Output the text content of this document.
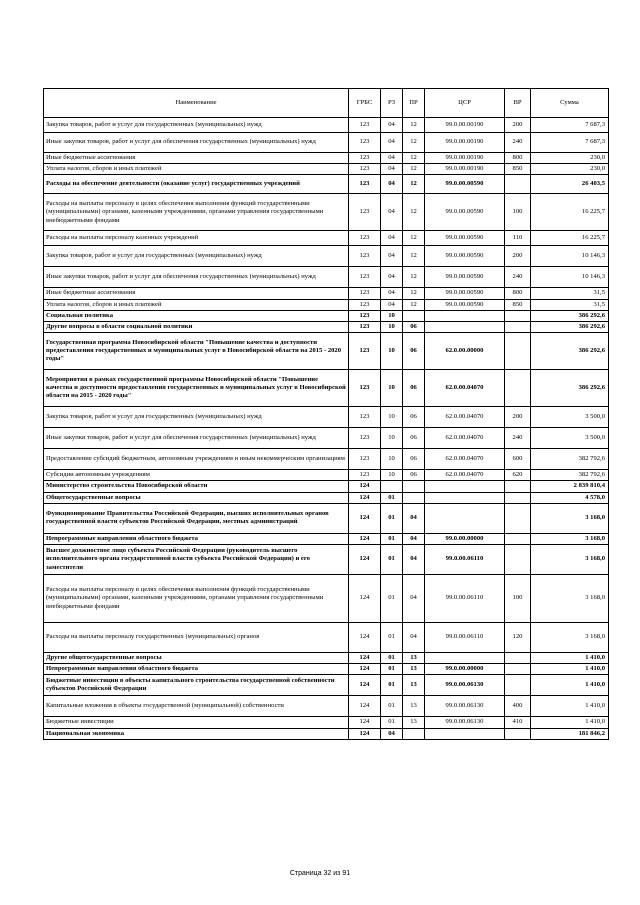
Наименование	ГРБС	РЗ	ПР	ЦСР	ВР	Сумма
Закупка товаров, работ и услуг для государственных (муниципальных) нужд	123	04	12	99.0.00.00190	200	7 687,3
Иные закупки товаров, работ и услуг для обеспечения государственных (муниципальных) нужд	123	04	12	99.0.00.00190	240	7 687,3
Иные бюджетные ассигнования	123	04	12	99.0.00.00190	800	230,0
Уплата налогов, сборов и иных платежей	123	04	12	99.0.00.00190	850	230,0
Расходы на обеспечение деятельности (оказание услуг) государственных учреждений	123	04	12	99.0.00.00590		26 403,5
Расходы на выплаты персоналу в целях обеспечения выполнения функций государственными (муниципальными) органами, казенными учреждениями, органами управления государственными внебюджетными фондами	123	04	12	99.0.00.00590	100	16 225,7
Расходы на выплаты персоналу казенных учреждений	123	04	12	99.0.00.00590	110	16 225,7
Закупка товаров, работ и услуг для государственных (муниципальных) нужд	123	04	12	99.0.00.00590	200	10 146,3
Иные закупки товаров, работ и услуг для обеспечения государственных (муниципальных) нужд	123	04	12	99.0.00.00590	240	10 146,3
Иные бюджетные ассигнования	123	04	12	99.0.00.00590	800	31,5
Уплата налогов, сборов и иных платежей	123	04	12	99.0.00.00590	850	31,5
Социальная политика	123	10				386 292,6
Другие вопросы в области социальной политики	123	10	06			386 292,6
Государственная программа Новосибирской области "Повышение качества и доступности предоставления государственных и муниципальных услуг в Новосибирской области на 2015 - 2020 годы"	123	10	06	62.0.00.00000		386 292,6
Мероприятия в рамках государственной программы Новосибирской области "Повышение качества и доступности предоставления государственных и муниципальных услуг в Новосибирской области на 2015 - 2020 годы"	123	10	06	62.0.00.04070		386 292,6
Закупка товаров, работ и услуг для государственных (муниципальных) нужд	123	10	06	62.0.00.04070	200	3 500,0
Иные закупки товаров, работ и услуг для обеспечения государственных (муниципальных) нужд	123	10	06	62.0.00.04070	240	3 500,0
Предоставление субсидий бюджетным, автономным учреждениям и иным некоммерческим организациям	123	10	06	62.0.00.04070	600	382 792,6
Субсидии автономным учреждениям	123	10	06	62.0.00.04070	620	382 792,6
Министерство строительства Новосибирской области	124					2 839 810,4
Общегосударственные вопросы	124	01				4 578,0
Функционирование Правительства Российской Федерации, высших исполнительных органов государственной власти субъектов Российской Федерации, местных администраций	124	01	04			3 168,0
Непрограммные направления областного бюджета	124	01	04	99.0.00.00000		3 168,0
Высшее должностное лицо субъекта Российской Федерации (руководитель высшего исполнительного органа государственной власти субъекта Российской Федерации) и его заместители	124	01	04	99.0.00.06110		3 168,0
Расходы на выплаты персоналу в целях обеспечения выполнения функций государственными (муниципальными) органами, казенными учреждениями, органами управления государственными внебюджетными фондами	124	01	04	99.0.00.06110	100	3 168,0
Расходы на выплаты персоналу государственных (муниципальных) органов	124	01	04	99.0.00.06110	120	3 168,0
Другие общегосударственные вопросы	124	01	13			1 410,0
Непрограммные направления областного бюджета	124	01	13	99.0.00.00000		1 410,0
Бюджетные инвестиции в объекты капитального строительства государственной собственности субъектов Российской Федерации	124	01	13	99.0.00.06130		1 410,0
Капитальные вложения в объекты государственной (муниципальной) собственности	124	01	13	99.0.00.06130	400	1 410,0
Бюджетные инвестиции	124	01	13	99.0.00.06130	410	1 410,0
Национальная экономика	124	04				181 846,2
Страница 32 из 91
